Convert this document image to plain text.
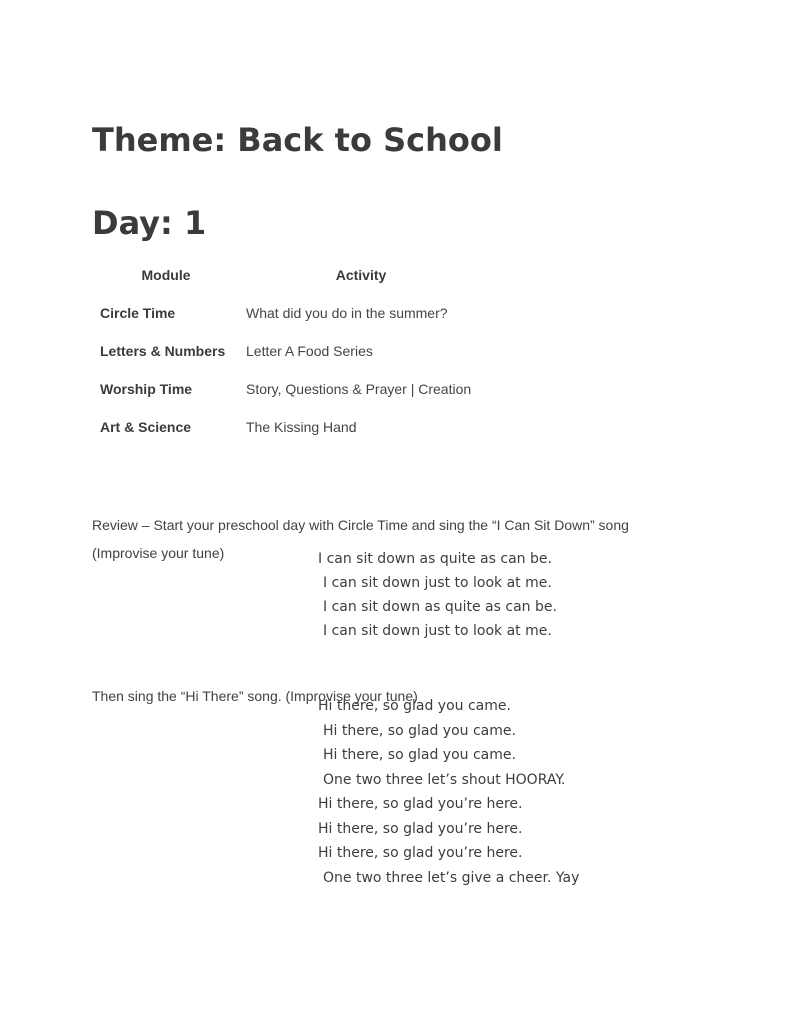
Theme: Back to School
Day: 1
Module	Activity
Circle Time	What did you do in the summer?
Letters & Numbers	Letter A Food Series
Worship Time	Story, Questions & Prayer | Creation
Art & Science	The Kissing Hand

Review – Start your preschool day with Circle Time and sing the “I Can Sit Down” song (Improvise your tune)	I can sit down as quite as can be.
I can sit down just to look at me.
I can sit down as quite as can be.
I can sit down just to look at me.

Then sing the “Hi There” song. (Improvise your tune)

Hi there, so glad you came.
Hi there, so glad you came.
Hi there, so glad you came.
One two three let’s shout HOORAY.
Hi there, so glad you’re here.
Hi there, so glad you’re here.
Hi there, so glad you’re here.
One two three let’s give a cheer. Yay
